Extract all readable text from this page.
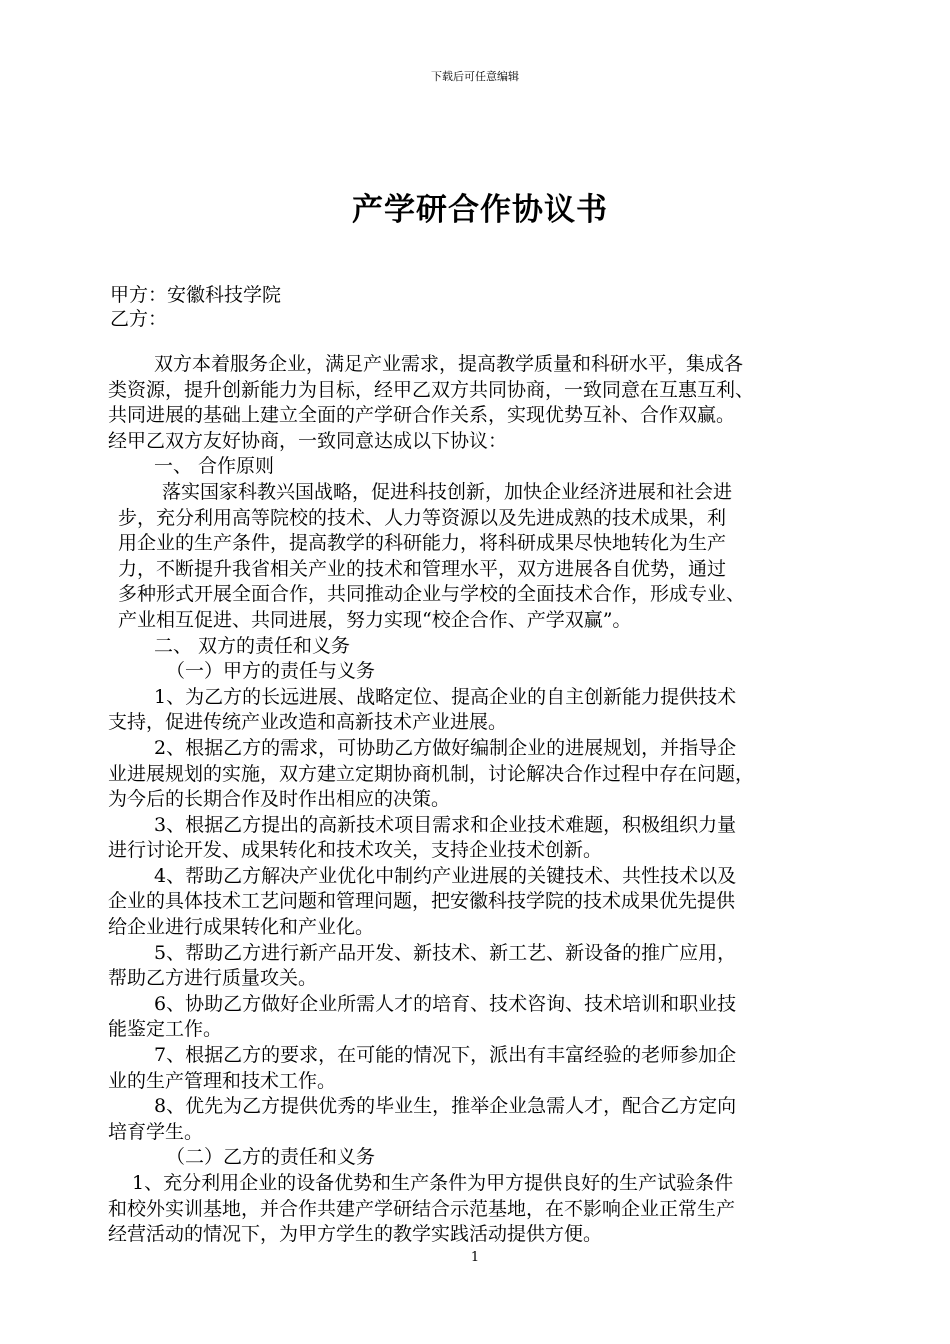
下载后可任意编辑
产学研合作协议书
甲方：安徽科技学院
乙方：

双方本着服务企业，满足产业需求，提高教学质量和科研水平，集成各
类资源，提升创新能力为目标，经甲乙双方共同协商，一致同意在互惠互利、
共同进展的基础上建立全面的产学研合作关系，实现优势互补、合作双赢。
经甲乙双方友好协商，一致同意达成以下协议：

一、 合作原则

落实国家科教兴国战略，促进科技创新，加快企业经济进展和社会进
步，充分利用高等院校的技术、人力等资源以及先进成熟的技术成果，利
用企业的生产条件，提高教学的科研能力，将科研成果尽快地转化为生产
力，不断提升我省相关产业的技术和管理水平，双方进展各自优势，通过
多种形式开展全面合作，共同推动企业与学校的全面技术合作，形成专业、
产业相互促进、共同进展，努力实现“校企合作、产学双赢”。

二、 双方的责任和义务

（一）甲方的责任与义务

1、为乙方的长远进展、战略定位、提高企业的自主创新能力提供技术
支持，促进传统产业改造和高新技术产业进展。

2、根据乙方的需求，可协助乙方做好编制企业的进展规划，并指导企
业进展规划的实施，双方建立定期协商机制，讨论解决合作过程中存在问题，
为今后的长期合作及时作出相应的决策。

3、根据乙方提出的高新技术项目需求和企业技术难题，积极组织力量
进行讨论开发、成果转化和技术攻关，支持企业技术创新。

4、帮助乙方解决产业优化中制约产业进展的关键技术、共性技术以及
企业的具体技术工艺问题和管理问题，把安徽科技学院的技术成果优先提供
给企业进行成果转化和产业化。

5、帮助乙方进行新产品开发、新技术、新工艺、新设备的推广应用，
帮助乙方进行质量攻关。

6、协助乙方做好企业所需人才的培育、技术咨询、技术培训和职业技
能鉴定工作。

7、根据乙方的要求，在可能的情况下，派出有丰富经验的老师参加企
业的生产管理和技术工作。

8、优先为乙方提供优秀的毕业生，推举企业急需人才，配合乙方定向
培育学生。

（二）乙方的责任和义务

1、充分利用企业的设备优势和生产条件为甲方提供良好的生产试验条件
和校外实训基地，并合作共建产学研结合示范基地，在不影响企业正常生产
经营活动的情况下，为甲方学生的教学实践活动提供方便。

1
